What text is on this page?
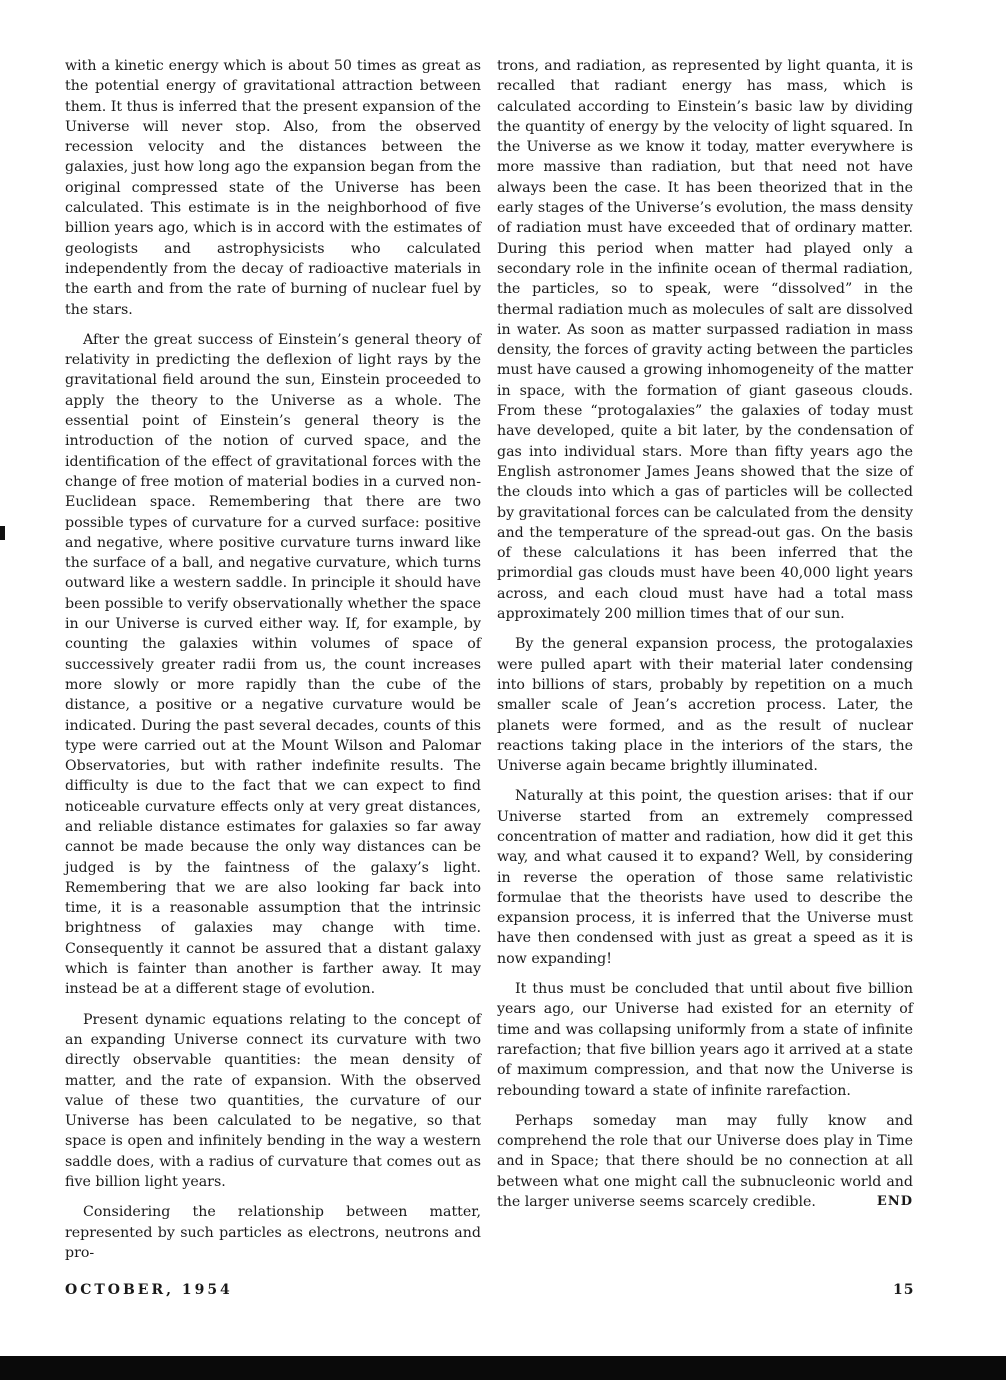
with a kinetic energy which is about 50 times as great as the potential energy of gravitational attraction between them. It thus is inferred that the present expansion of the Universe will never stop. Also, from the observed recession velocity and the distances between the galaxies, just how long ago the expansion began from the original compressed state of the Universe has been calculated. This estimate is in the neighborhood of five billion years ago, which is in accord with the estimates of geologists and astrophysicists who calculated independently from the decay of radioactive materials in the earth and from the rate of burning of nuclear fuel by the stars.

After the great success of Einstein’s general theory of relativity in predicting the deflexion of light rays by the gravitational field around the sun, Einstein proceeded to apply the theory to the Universe as a whole. The essential point of Einstein’s general theory is the introduction of the notion of curved space, and the identification of the effect of gravitational forces with the change of free motion of material bodies in a curved non-Euclidean space. Remembering that there are two possible types of curvature for a curved surface: positive and negative, where positive curvature turns inward like the surface of a ball, and negative curvature, which turns outward like a western saddle. In principle it should have been possible to verify observationally whether the space in our Universe is curved either way. If, for example, by counting the galaxies within volumes of space of successively greater radii from us, the count increases more slowly or more rapidly than the cube of the distance, a positive or a negative curvature would be indicated. During the past several decades, counts of this type were carried out at the Mount Wilson and Palomar Observatories, but with rather indefinite results. The difficulty is due to the fact that we can expect to find noticeable curvature effects only at very great distances, and reliable distance estimates for galaxies so far away cannot be made because the only way distances can be judged is by the faintness of the galaxy’s light. Remembering that we are also looking far back into time, it is a reasonable assumption that the intrinsic brightness of galaxies may change with time. Consequently it cannot be assured that a distant galaxy which is fainter than another is farther away. It may instead be at a different stage of evolution.

Present dynamic equations relating to the concept of an expanding Universe connect its curvature with two directly observable quantities: the mean density of matter, and the rate of expansion. With the observed value of these two quantities, the curvature of our Universe has been calculated to be negative, so that space is open and infinitely bending in the way a western saddle does, with a radius of curvature that comes out as five billion light years.

Considering the relationship between matter, represented by such particles as electrons, neutrons and pro-

trons, and radiation, as represented by light quanta, it is recalled that radiant energy has mass, which is calculated according to Einstein’s basic law by dividing the quantity of energy by the velocity of light squared. In the Universe as we know it today, matter everywhere is more massive than radiation, but that need not have always been the case. It has been theorized that in the early stages of the Universe’s evolution, the mass density of radiation must have exceeded that of ordinary matter. During this period when matter had played only a secondary role in the infinite ocean of thermal radiation, the particles, so to speak, were “dissolved” in the thermal radiation much as molecules of salt are dissolved in water. As soon as matter surpassed radiation in mass density, the forces of gravity acting between the particles must have caused a growing inhomogeneity of the matter in space, with the formation of giant gaseous clouds. From these “protogalaxies” the galaxies of today must have developed, quite a bit later, by the condensation of gas into individual stars. More than fifty years ago the English astronomer James Jeans showed that the size of the clouds into which a gas of particles will be collected by gravitational forces can be calculated from the density and the temperature of the spread-out gas. On the basis of these calculations it has been inferred that the primordial gas clouds must have been 40,000 light years across, and each cloud must have had a total mass approximately 200 million times that of our sun.

By the general expansion process, the protogalaxies were pulled apart with their material later condensing into billions of stars, probably by repetition on a much smaller scale of Jean’s accretion process. Later, the planets were formed, and as the result of nuclear reactions taking place in the interiors of the stars, the Universe again became brightly illuminated.

Naturally at this point, the question arises: that if our Universe started from an extremely compressed concentration of matter and radiation, how did it get this way, and what caused it to expand? Well, by considering in reverse the operation of those same relativistic formulae that the theorists have used to describe the expansion process, it is inferred that the Universe must have then condensed with just as great a speed as it is now expanding!

It thus must be concluded that until about five billion years ago, our Universe had existed for an eternity of time and was collapsing uniformly from a state of infinite rarefaction; that five billion years ago it arrived at a state of maximum compression, and that now the Universe is rebounding toward a state of infinite rarefaction.

Perhaps someday man may fully know and comprehend the role that our Universe does play in Time and in Space; that there should be no connection at all between what one might call the subnucleonic world and the larger universe seems scarcely credible.	END

OCTOBER, 1954	15
